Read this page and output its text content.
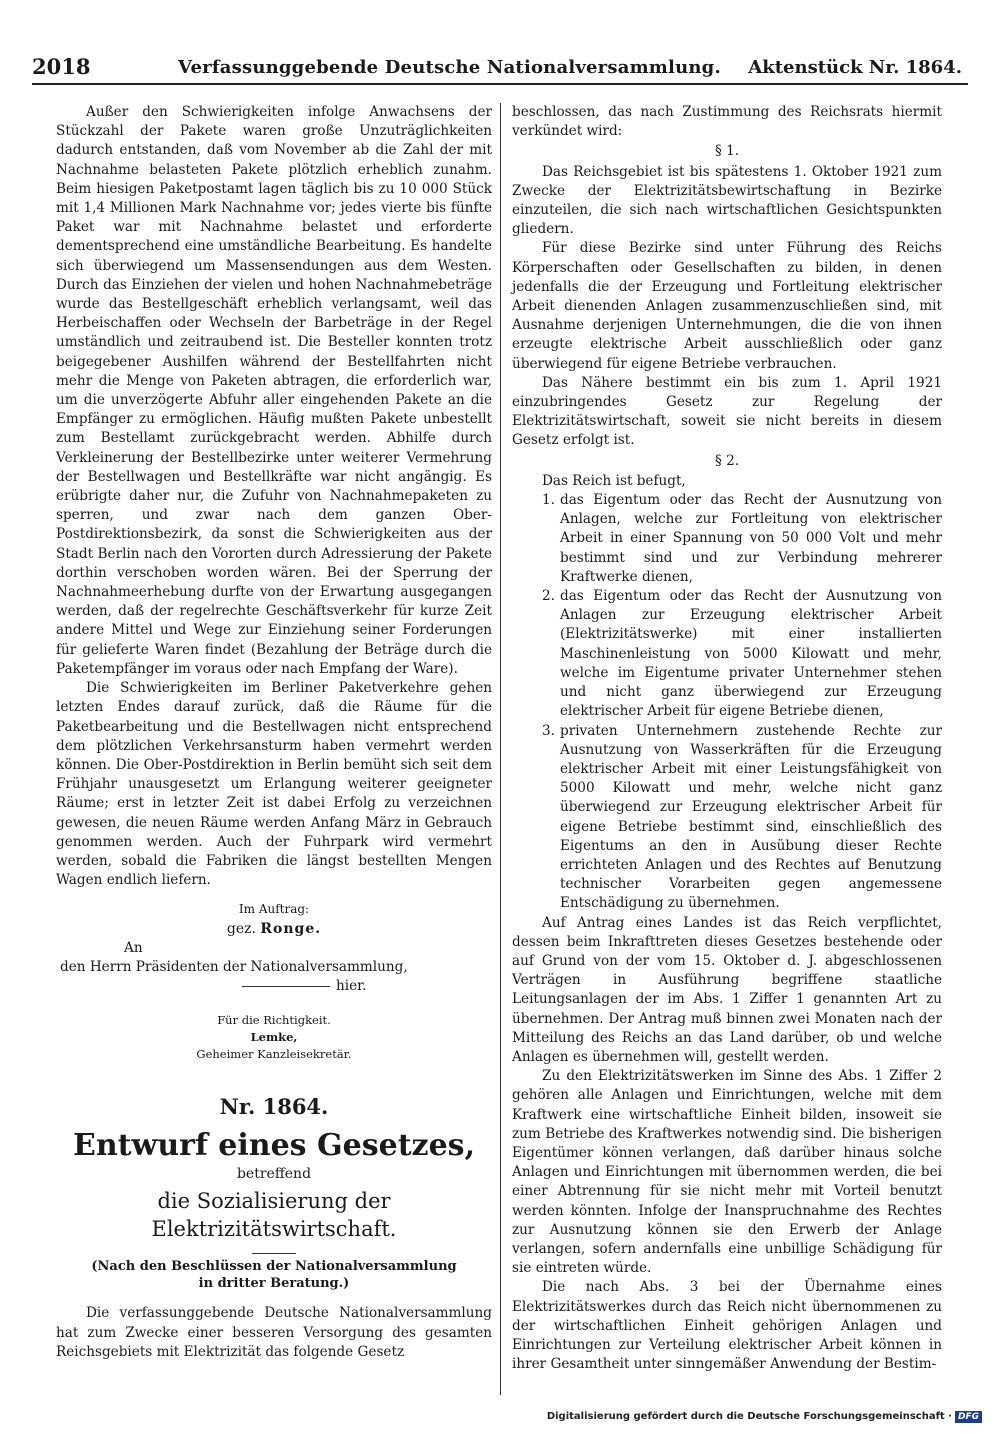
2018	Verfassunggebende Deutsche Nationalversammlung. Aktenstück Nr. 1864.

Außer den Schwierigkeiten infolge Anwachsens der Stückzahl der Pakete waren große Unzuträglichkeiten dadurch entstanden, daß vom November ab die Zahl der mit Nachnahme belasteten Pakete plötzlich erheblich zunahm. Beim hiesigen Paketpostamt lagen täglich bis zu 10 000 Stück mit 1,4 Millionen Mark Nachnahme vor; jedes vierte bis fünfte Paket war mit Nachnahme belastet und erforderte dementsprechend eine umständliche Bearbeitung. Es handelte sich überwiegend um Massensendungen aus dem Westen. Durch das Einziehen der vielen und hohen Nachnahmebeträge wurde das Bestellgeschäft erheblich verlangsamt, weil das Herbeischaffen oder Wechseln der Barbeträge in der Regel umständlich und zeitraubend ist. Die Besteller konnten trotz beigegebener Aushilfen während der Bestellfahrten nicht mehr die Menge von Paketen abtragen, die erforderlich war, um die unverzögerte Abfuhr aller eingehenden Pakete an die Empfänger zu ermöglichen. Häufig mußten Pakete unbestellt zum Bestellamt zurückgebracht werden. Abhilfe durch Verkleinerung der Bestellbezirke unter weiterer Vermehrung der Bestellwagen und Bestellkräfte war nicht angängig. Es erübrigte daher nur, die Zufuhr von Nachnahmepaketen zu sperren, und zwar nach dem ganzen Ober-Postdirektionsbezirk, da sonst die Schwierigkeiten aus der Stadt Berlin nach den Vororten durch Adressierung der Pakete dorthin verschoben worden wären. Bei der Sperrung der Nachnahmeerhebung durfte von der Erwartung ausgegangen werden, daß der regelrechte Geschäftsverkehr für kurze Zeit andere Mittel und Wege zur Einziehung seiner Forderungen für gelieferte Waren findet (Bezahlung der Beträge durch die Paketempfänger im voraus oder nach Empfang der Ware).

Die Schwierigkeiten im Berliner Paketverkehre gehen letzten Endes darauf zurück, daß die Räume für die Paketbearbeitung und die Bestellwagen nicht entsprechend dem plötzlichen Verkehrsansturm haben vermehrt werden können. Die Ober-Postdirektion in Berlin bemüht sich seit dem Frühjahr unausgesetzt um Erlangung weiterer geeigneter Räume; erst in letzter Zeit ist dabei Erfolg zu verzeichnen gewesen, die neuen Räume werden Anfang März in Gebrauch genommen werden. Auch der Fuhrpark wird vermehrt werden, sobald die Fabriken die längst bestellten Mengen Wagen endlich liefern.

Im Auftrag:

gez. Ronge.

An

den Herrn Präsidenten der Nationalversammlung,

hier.

Für die Richtigkeit.
Lemke,
Geheimer Kanzleisekretär.
Nr. 1864.
Entwurf eines Gesetzes,
betreffend
die Sozialisierung der Elektrizitätswirtschaft.
(Nach den Beschlüssen der Nationalversammlung
in dritter Beratung.)

Die verfassunggebende Deutsche Nationalversammlung hat zum Zwecke einer besseren Versorgung des gesamten Reichsgebiets mit Elektrizität das folgende Gesetz

beschlossen, das nach Zustimmung des Reichsrats hiermit verkündet wird:

§ 1.

Das Reichsgebiet ist bis spätestens 1. Oktober 1921 zum Zwecke der Elektrizitätsbewirtschaftung in Bezirke einzuteilen, die sich nach wirtschaftlichen Gesichtspunkten gliedern.

Für diese Bezirke sind unter Führung des Reichs Körperschaften oder Gesellschaften zu bilden, in denen jedenfalls die der Erzeugung und Fortleitung elektrischer Arbeit dienenden Anlagen zusammenzuschließen sind, mit Ausnahme derjenigen Unternehmungen, die die von ihnen erzeugte elektrische Arbeit ausschließlich oder ganz überwiegend für eigene Betriebe verbrauchen.

Das Nähere bestimmt ein bis zum 1. April 1921 einzubringendes Gesetz zur Regelung der Elektrizitätswirtschaft, soweit sie nicht bereits in diesem Gesetz erfolgt ist.

§ 2.

Das Reich ist befugt,

1. das Eigentum oder das Recht der Ausnutzung von Anlagen, welche zur Fortleitung von elektrischer Arbeit in einer Spannung von 50 000 Volt und mehr bestimmt sind und zur Verbindung mehrerer Kraftwerke dienen,
2. das Eigentum oder das Recht der Ausnutzung von Anlagen zur Erzeugung elektrischer Arbeit (Elektrizitätswerke) mit einer installierten Maschinenleistung von 5000 Kilowatt und mehr, welche im Eigentume privater Unternehmer stehen und nicht ganz überwiegend zur Erzeugung elektrischer Arbeit für eigene Betriebe dienen,
3. privaten Unternehmern zustehende Rechte zur Ausnutzung von Wasserkräften für die Erzeugung elektrischer Arbeit mit einer Leistungsfähigkeit von 5000 Kilowatt und mehr, welche nicht ganz überwiegend zur Erzeugung elektrischer Arbeit für eigene Betriebe bestimmt sind, einschließlich des Eigentums an den in Ausübung dieser Rechte errichteten Anlagen und des Rechtes auf Benutzung technischer Vorarbeiten gegen angemessene Entschädigung zu übernehmen.

Auf Antrag eines Landes ist das Reich verpflichtet, dessen beim Inkrafttreten dieses Gesetzes bestehende oder auf Grund von der vom 15. Oktober d. J. abgeschlossenen Verträgen in Ausführung begriffene staatliche Leitungsanlagen der im Abs. 1 Ziffer 1 genannten Art zu übernehmen. Der Antrag muß binnen zwei Monaten nach der Mitteilung des Reichs an das Land darüber, ob und welche Anlagen es übernehmen will, gestellt werden.

Zu den Elektrizitätswerken im Sinne des Abs. 1 Ziffer 2 gehören alle Anlagen und Einrichtungen, welche mit dem Kraftwerk eine wirtschaftliche Einheit bilden, insoweit sie zum Betriebe des Kraftwerkes notwendig sind. Die bisherigen Eigentümer können verlangen, daß darüber hinaus solche Anlagen und Einrichtungen mit übernommen werden, die bei einer Abtrennung für sie nicht mehr mit Vorteil benutzt werden könnten. Infolge der Inanspruchnahme des Rechtes zur Ausnutzung können sie den Erwerb der Anlage verlangen, sofern andernfalls eine unbillige Schädigung für sie eintreten würde.

Die nach Abs. 3 bei der Übernahme eines Elektrizitätswerkes durch das Reich nicht übernommenen zu der wirtschaftlichen Einheit gehörigen Anlagen und Einrichtungen zur Verteilung elektrischer Arbeit können in ihrer Gesamtheit unter sinngemäßer Anwendung der Bestim-

Digitalisierung gefördert durch die Deutsche Forschungsgemeinschaft · DFG
